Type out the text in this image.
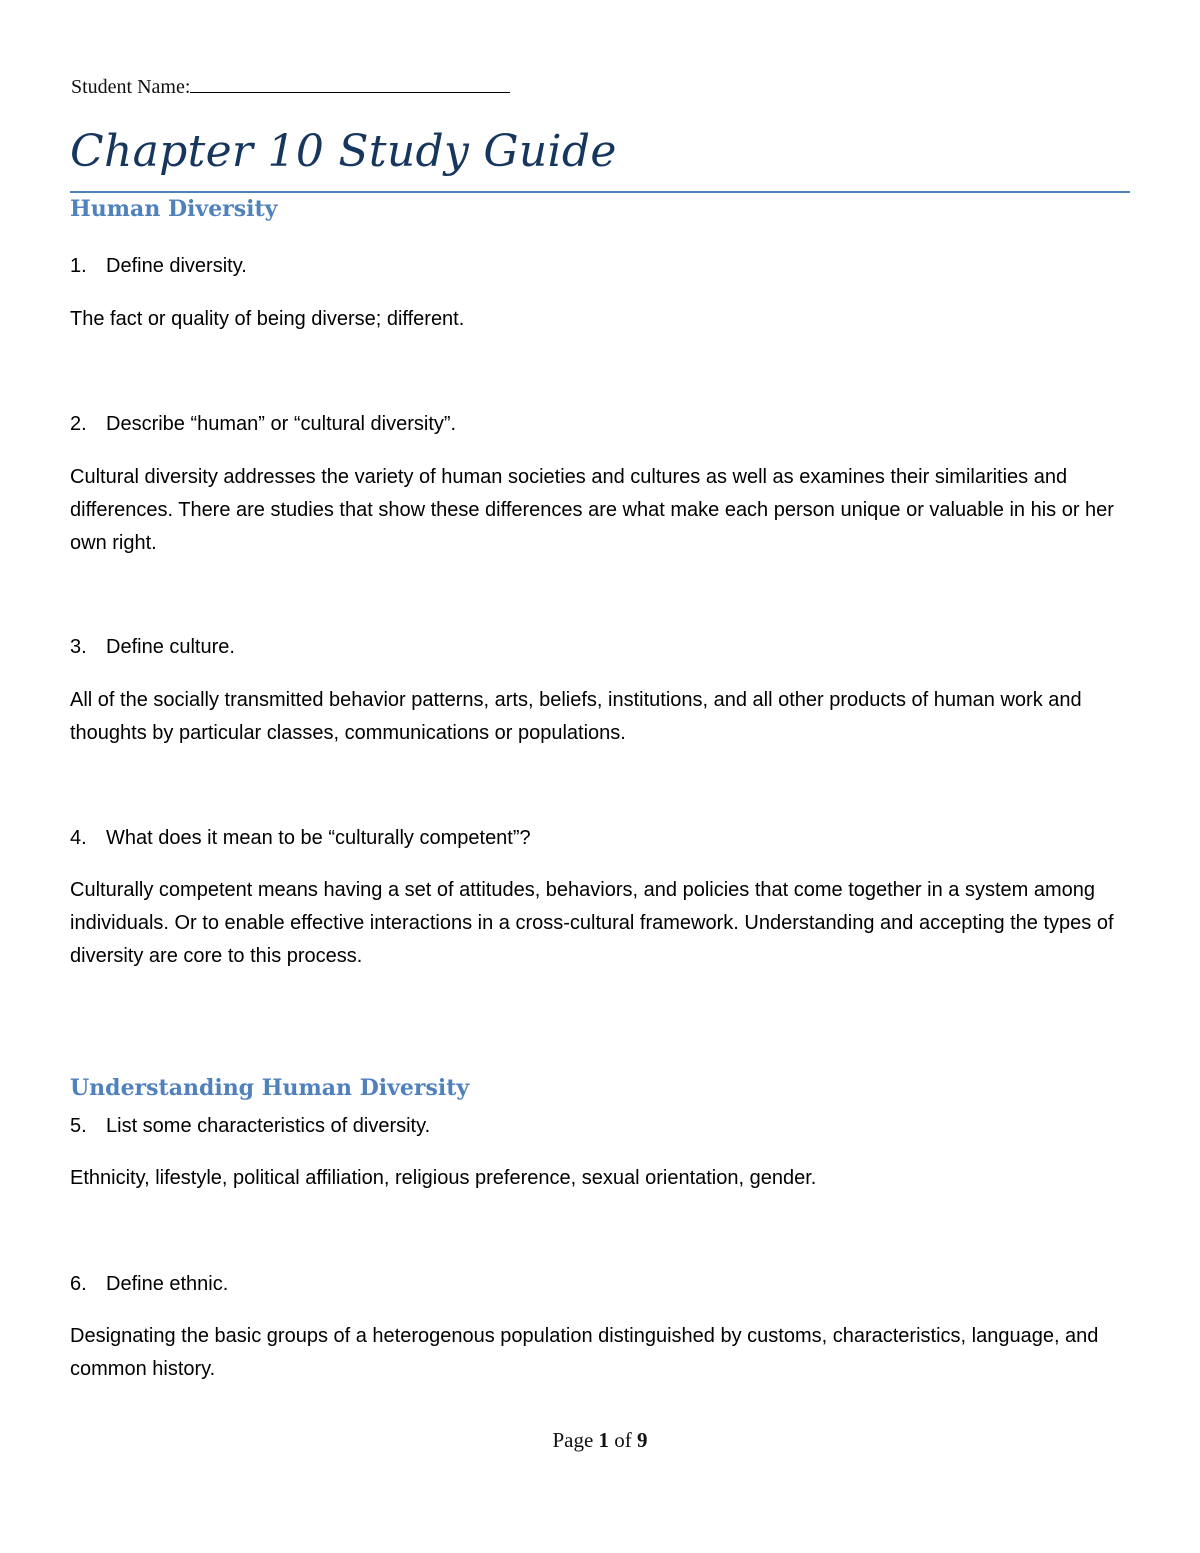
Student Name:
Chapter 10 Study Guide
Human Diversity
1. Define diversity.
The fact or quality of being diverse; different.
2. Describe “human” or “cultural diversity”.
Cultural diversity addresses the variety of human societies and cultures as well as examines their similarities and differences. There are studies that show these differences are what make each person unique or valuable in his or her own right.
3. Define culture.
All of the socially transmitted behavior patterns, arts, beliefs, institutions, and all other products of human work and thoughts by particular classes, communications or populations.
4. What does it mean to be “culturally competent”?
Culturally competent means having a set of attitudes, behaviors, and policies that come together in a system among individuals. Or to enable effective interactions in a cross-cultural framework. Understanding and accepting the types of diversity are core to this process.
Understanding Human Diversity
5. List some characteristics of diversity.
Ethnicity, lifestyle, political affiliation, religious preference, sexual orientation, gender.
6. Define ethnic.
Designating the basic groups of a heterogenous population distinguished by customs, characteristics, language, and common history.
Page 1 of 9
